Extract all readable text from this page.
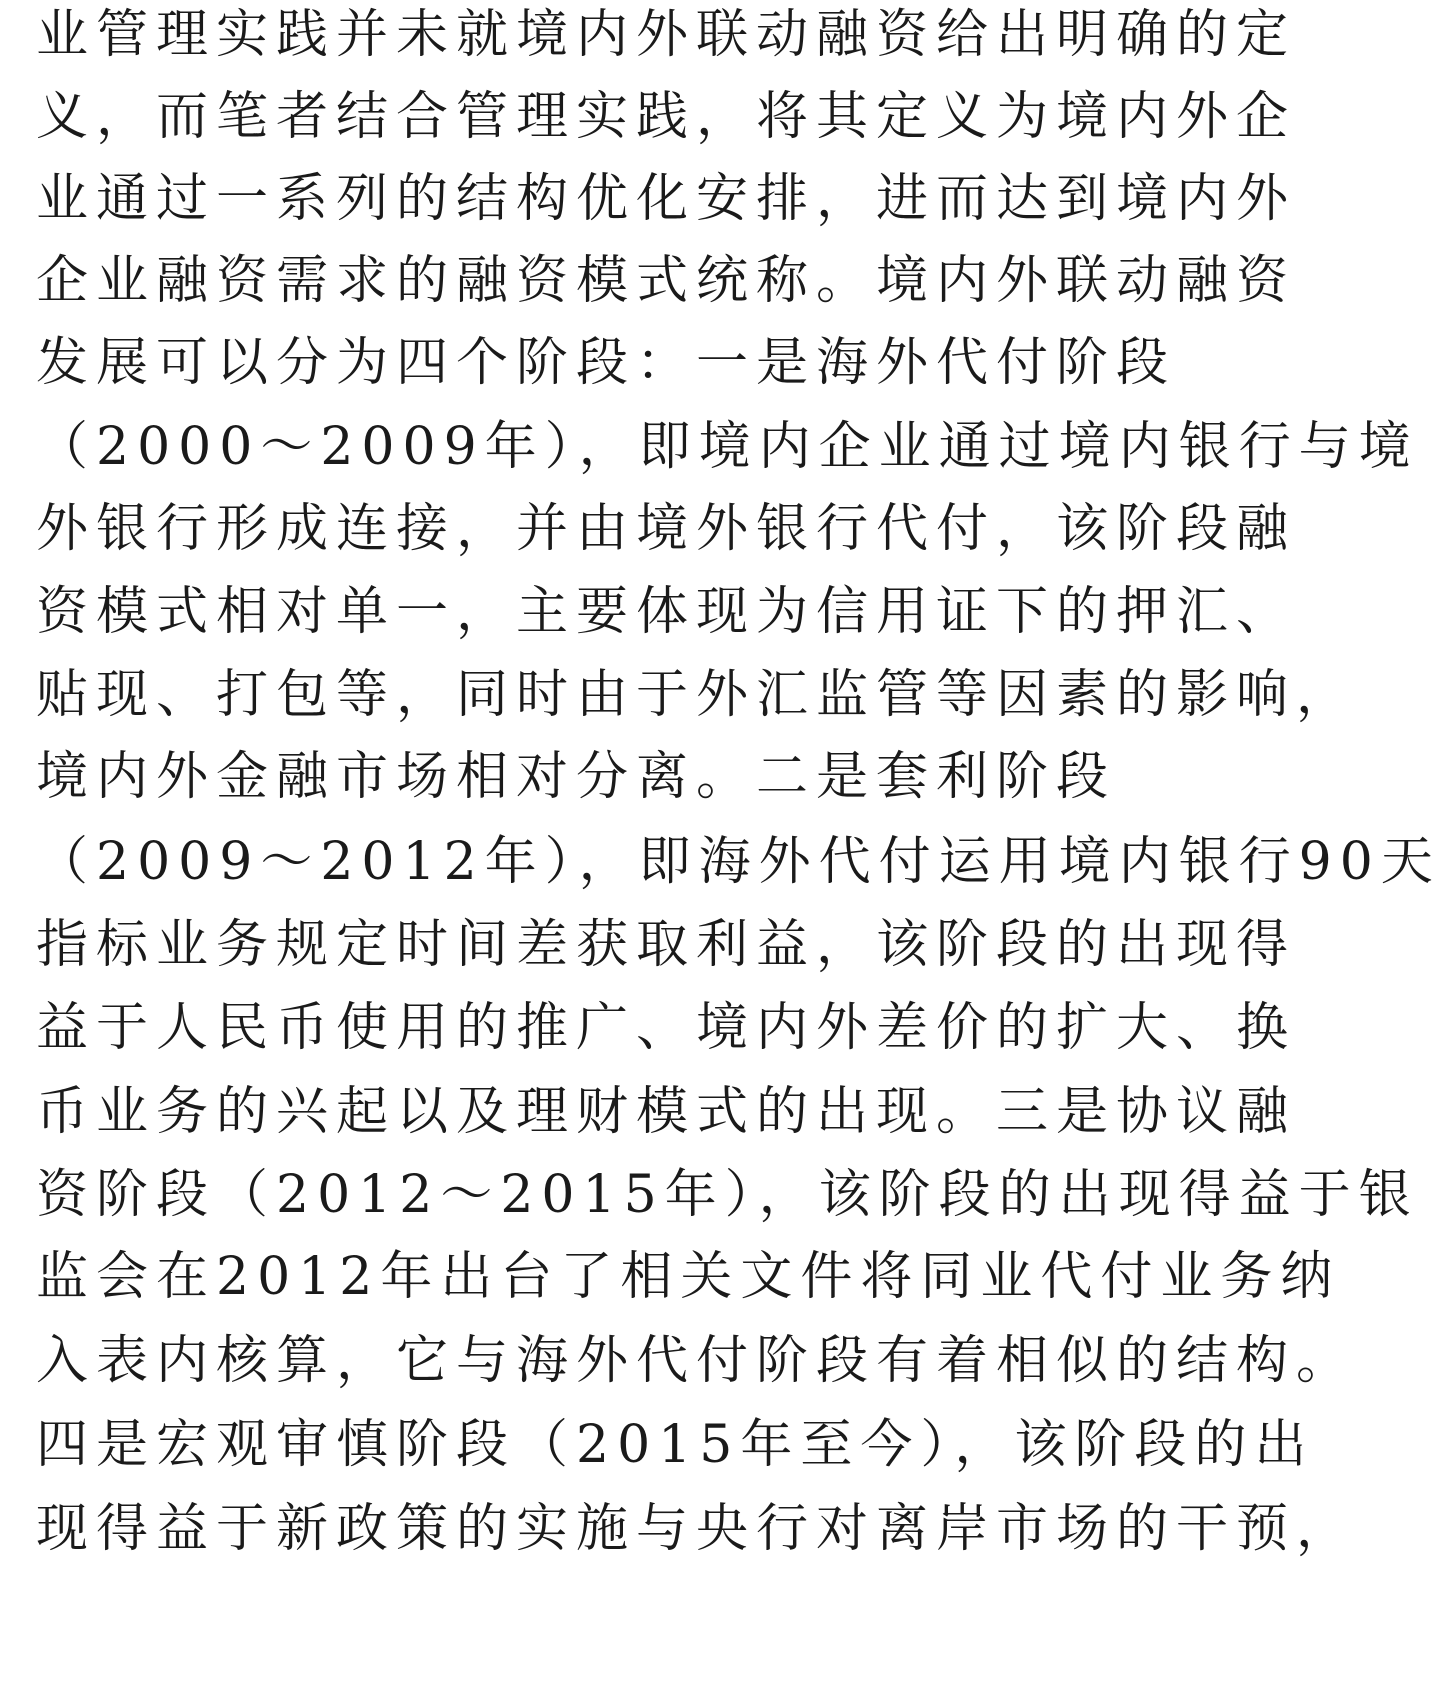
业管理实践并未就境内外联动融资给出明确的定
义，而笔者结合管理实践，将其定义为境内外企
业通过一系列的结构优化安排，进而达到境内外
企业融资需求的融资模式统称。境内外联动融资
发展可以分为四个阶段：一是海外代付阶段
（2000～2009年），即境内企业通过境内银行与境
外银行形成连接，并由境外银行代付，该阶段融
资模式相对单一，主要体现为信用证下的押汇、
贴现、打包等，同时由于外汇监管等因素的影响，
境内外金融市场相对分离。二是套利阶段
（2009～2012年），即海外代付运用境内银行90天
指标业务规定时间差获取利益，该阶段的出现得
益于人民币使用的推广、境内外差价的扩大、换
币业务的兴起以及理财模式的出现。三是协议融
资阶段（2012～2015年），该阶段的出现得益于银
监会在2012年出台了相关文件将同业代付业务纳
入表内核算，它与海外代付阶段有着相似的结构。
四是宏观审慎阶段（2015年至今），该阶段的出
现得益于新政策的实施与央行对离岸市场的干预，
